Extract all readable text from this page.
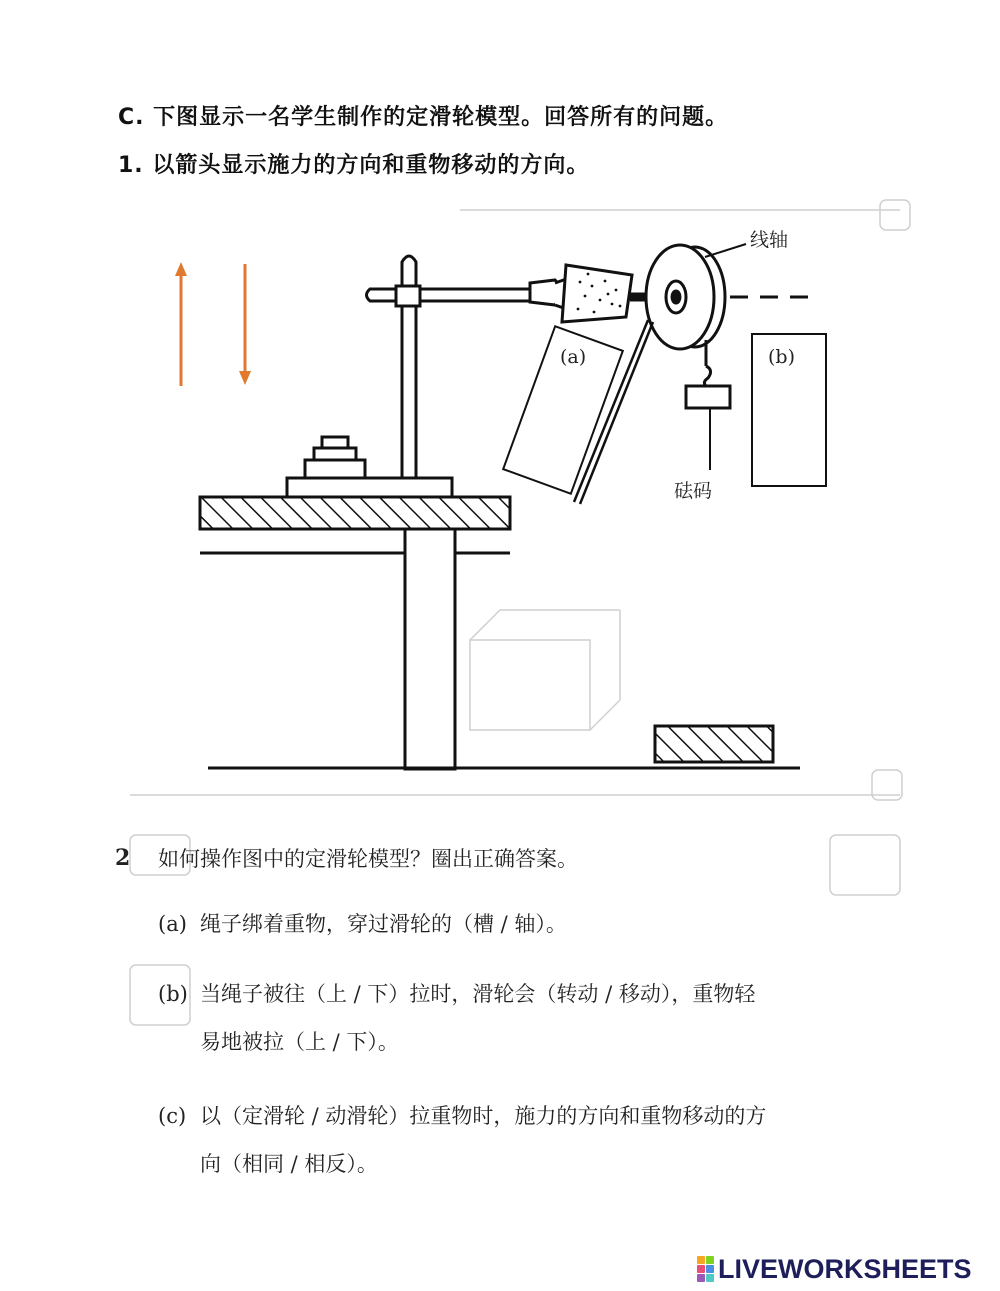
C. 下图显示一名学生制作的定滑轮模型。回答所有的问题。
1. 以箭头显示施力的方向和重物移动的方向。
线轴
砝码
(a)	(b)
2 如何操作图中的定滑轮模型？圈出正确答案。
(a) 绳子绑着重物，穿过滑轮的（槽 / 轴）。
(b) 当绳子被往（上 / 下）拉时，滑轮会（转动 / 移动），重物轻
易地被拉（上 / 下）。
(c) 以（定滑轮 / 动滑轮）拉重物时，施力的方向和重物移动的方
向（相同 / 相反）。
LIVEWORKSHEETS
